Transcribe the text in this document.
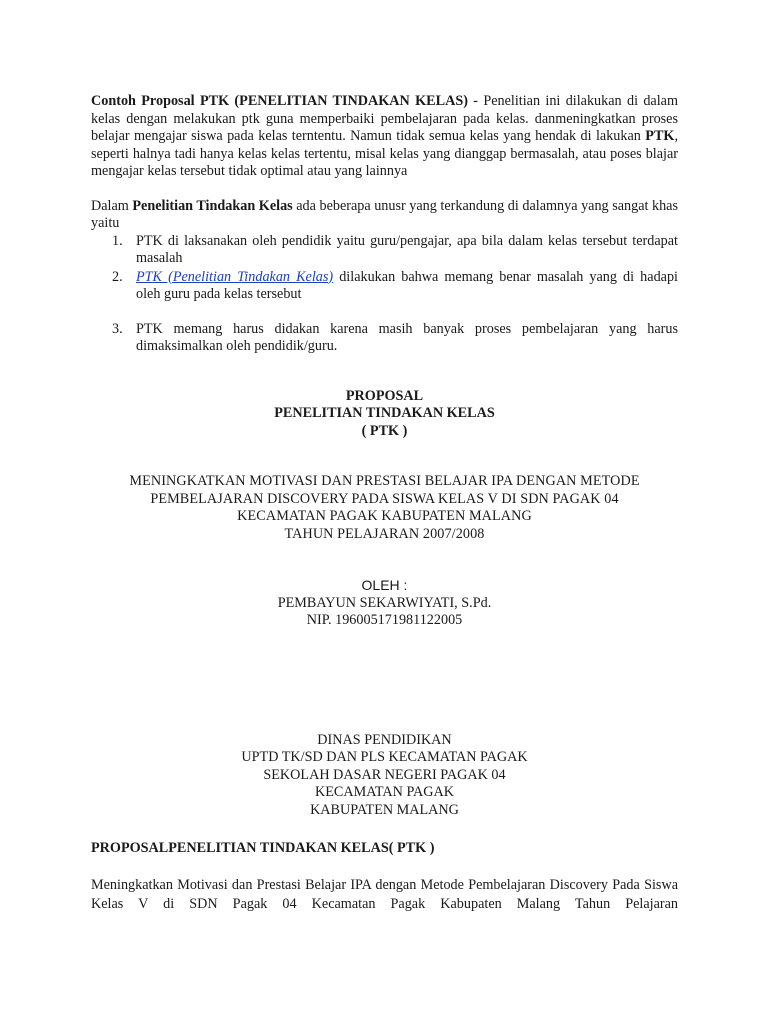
Contoh Proposal PTK (PENELITIAN TINDAKAN KELAS) - Penelitian ini dilakukan di dalam kelas dengan melakukan ptk guna memperbaiki pembelajaran pada kelas. danmeningkatkan proses belajar mengajar siswa pada kelas terntentu. Namun tidak semua kelas yang hendak di lakukan PTK, seperti halnya tadi hanya kelas kelas tertentu, misal kelas yang dianggap bermasalah, atau poses blajar mengajar kelas tersebut tidak optimal atau yang lainnya

Dalam Penelitian Tindakan Kelas ada beberapa unusr yang terkandung di dalamnya yang sangat khas yaitu

1. PTK di laksanakan oleh pendidik yaitu guru/pengajar, apa bila dalam kelas tersebut terdapat masalah
2. PTK (Penelitian Tindakan Kelas) dilakukan bahwa memang benar masalah yang di hadapi oleh guru pada kelas tersebut
3. PTK memang harus didakan karena masih banyak proses pembelajaran yang harus dimaksimalkan oleh pendidik/guru.

PROPOSAL

PENELITIAN TINDAKAN KELAS

( PTK )

MENINGKATKAN MOTIVASI DAN PRESTASI BELAJAR IPA DENGAN METODE

PEMBELAJARAN DISCOVERY PADA SISWA KELAS V DI SDN PAGAK 04

KECAMATAN PAGAK KABUPATEN MALANG

TAHUN PELAJARAN 2007/2008

OLEH :

PEMBAYUN SEKARWIYATI, S.Pd.

NIP. 196005171981122005

DINAS PENDIDIKAN

UPTD TK/SD DAN PLS KECAMATAN PAGAK

SEKOLAH DASAR NEGERI PAGAK 04

KECAMATAN PAGAK

KABUPATEN MALANG

PROPOSALPENELITIAN TINDAKAN KELAS( PTK )

Meningkatkan Motivasi dan Prestasi Belajar IPA dengan Metode Pembelajaran Discovery Pada Siswa Kelas V di SDN Pagak 04 Kecamatan Pagak Kabupaten Malang Tahun Pelajaran
